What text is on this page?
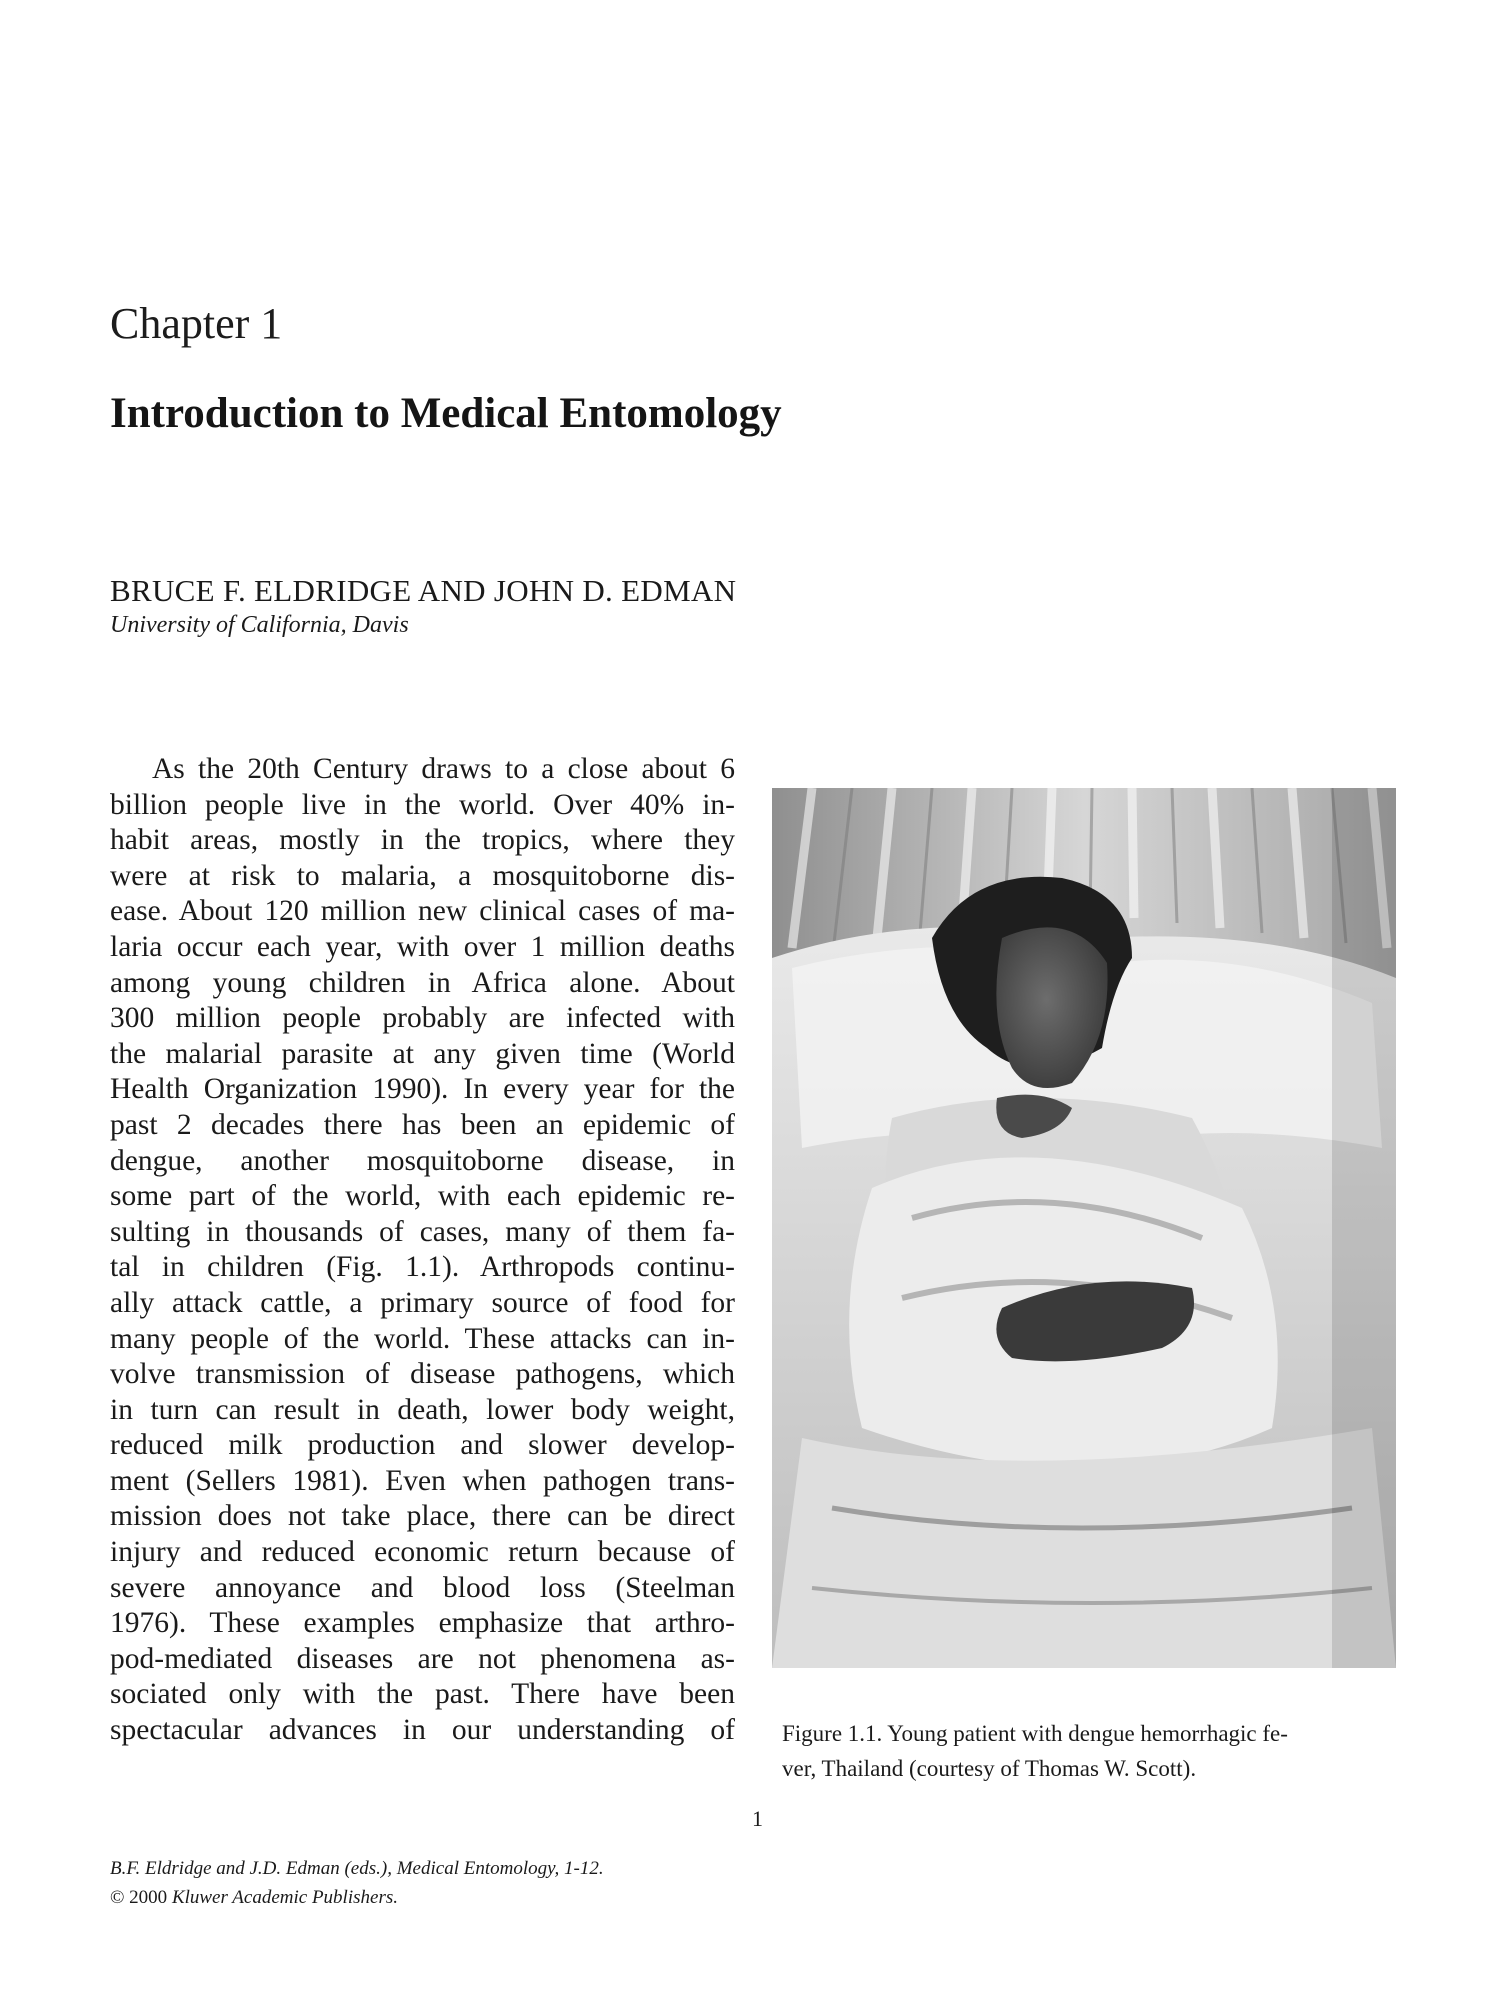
Chapter 1
Introduction to Medical Entomology
BRUCE F. ELDRIDGE AND JOHN D. EDMAN
University of California, Davis
As the 20th Century draws to a close about 6
billion people live in the world. Over 40% in-
habit areas, mostly in the tropics, where they
were at risk to malaria, a mosquitoborne dis-
ease. About 120 million new clinical cases of ma-
laria occur each year, with over 1 million deaths
among young children in Africa alone. About
300 million people probably are infected with
the malarial parasite at any given time (World
Health Organization 1990). In every year for the
past 2 decades there has been an epidemic of
dengue, another mosquitoborne disease, in
some part of the world, with each epidemic re-
sulting in thousands of cases, many of them fa-
tal in children (Fig. 1.1). Arthropods continu-
ally attack cattle, a primary source of food for
many people of the world. These attacks can in-
volve transmission of disease pathogens, which
in turn can result in death, lower body weight,
reduced milk production and slower develop-
ment (Sellers 1981). Even when pathogen trans-
mission does not take place, there can be direct
injury and reduced economic return because of
severe annoyance and blood loss (Steelman
1976). These examples emphasize that arthro-
pod-mediated diseases are not phenomena as-
sociated only with the past. There have been
spectacular advances in our understanding of Figure 1.1. Young patient with dengue hemorrhagic fe-
ver, Thailand (courtesy of Thomas W. Scott).
1
B.F. Eldridge and J.D. Edman (eds.), Medical Entomology, 1-12.
© 2000 Kluwer Academic Publishers.
